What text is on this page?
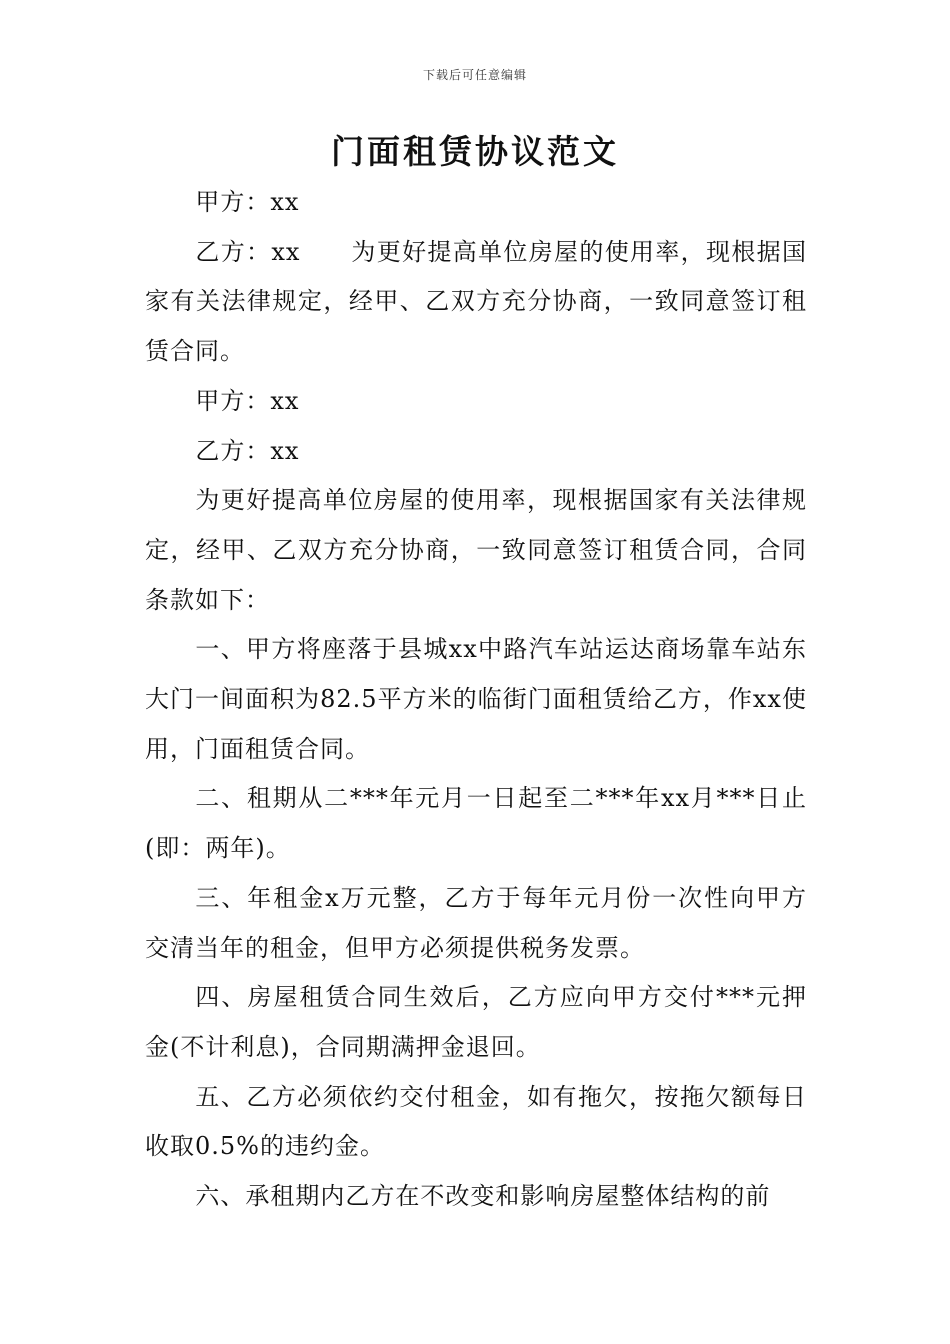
下载后可任意编辑
门面租赁协议范文

甲方：xx

乙方：xx　　为更好提高单位房屋的使用率，现根据国家有关法律规定，经甲、乙双方充分协商，一致同意签订租赁合同。

甲方：xx

乙方：xx

为更好提高单位房屋的使用率，现根据国家有关法律规定，经甲、乙双方充分协商，一致同意签订租赁合同，合同条款如下：

一、甲方将座落于县城xx中路汽车站运达商场靠车站东大门一间面积为82.5平方米的临街门面租赁给乙方，作xx使用，门面租赁合同。

二、租期从二***年元月一日起至二***年xx月***日止(即：两年)。

三、年租金x万元整，乙方于每年元月份一次性向甲方交清当年的租金，但甲方必须提供税务发票。

四、房屋租赁合同生效后，乙方应向甲方交付***元押金(不计利息)，合同期满押金退回。

五、乙方必须依约交付租金，如有拖欠，按拖欠额每日收取0.5%的违约金。

六、承租期内乙方在不改变和影响房屋整体结构的前
